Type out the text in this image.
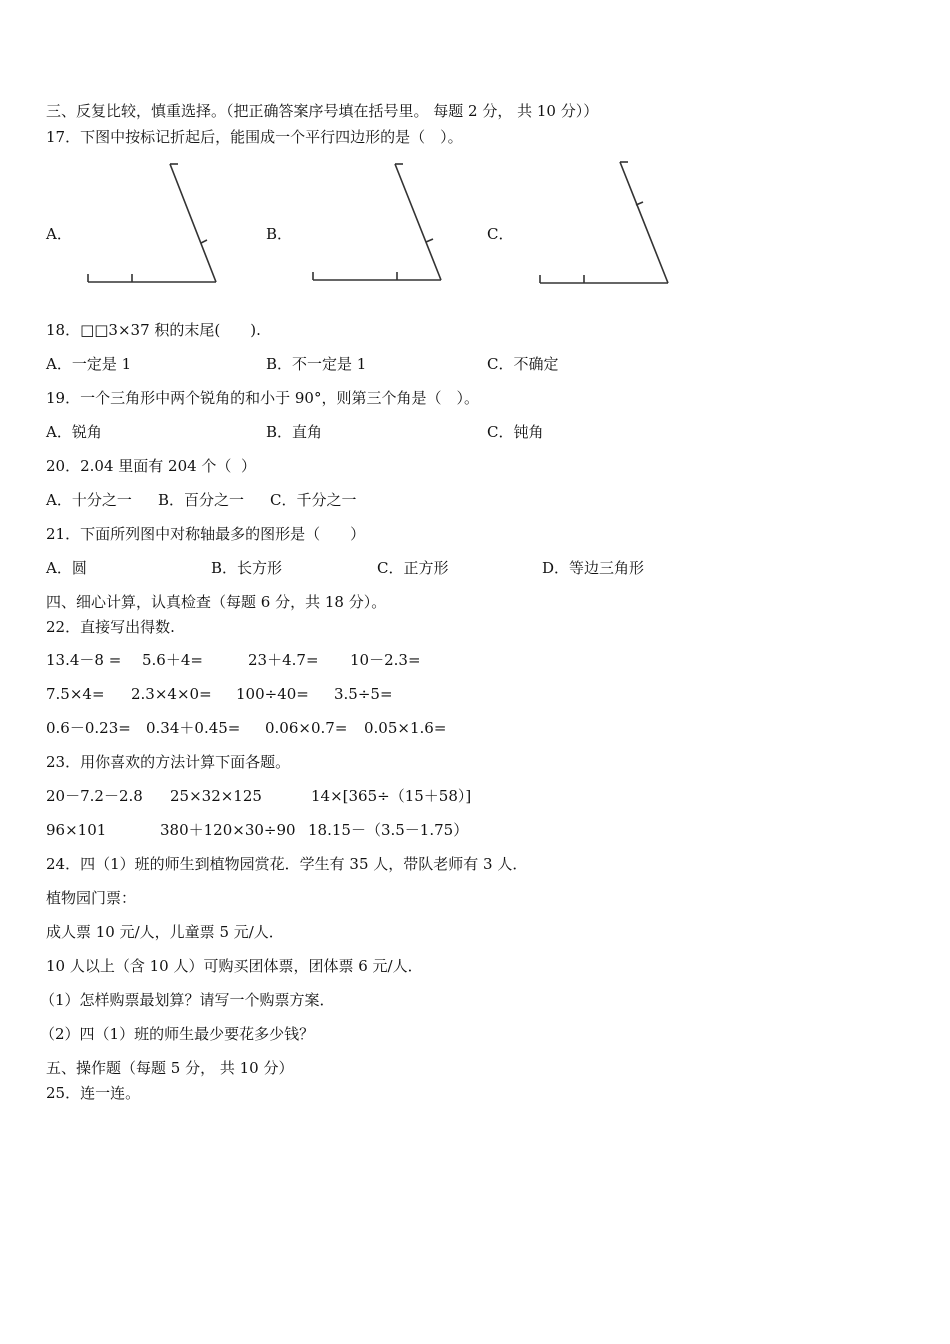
三、反复比较，慎重选择。（把正确答案序号填在括号里。 每题 2 分， 共 10 分））
17．下图中按标记折起后，能围成一个平行四边形的是（　）。
A．	B．	C．
18．□□3×37 积的末尾(　　).
A．一定是 1	B．不一定是 1	C．不确定
19．一个三角形中两个锐角的和小于 90°，则第三个角是（　）。
A．锐角	B．直角	C．钝角
20．2.04 里面有 204 个（  ）
A．十分之一 B．百分之一 C．千分之一
21．下面所列图中对称轴最多的图形是（　　）
A．圆	B．长方形	C．正方形	D．等边三角形
四、细心计算，认真检查（每题 6 分，共 18 分）。
22．直接写出得数.
13.4－8 = 5.6＋4=	23＋4.7= 10－2.3=
7.5×4= 2.3×4×0= 100÷40= 3.5÷5=
0.6－0.23= 0.34＋0.45= 0.06×0.7= 0.05×1.6=
23．用你喜欢的方法计算下面各题。
20－7.2－2.8 25×32×125	14×[365÷（15＋58）]
96×101	380＋120×30÷90 18.15－（3.5－1.75）
24．四（1）班的师生到植物园赏花．学生有 35 人，带队老师有 3 人．
植物园门票：
成人票 10 元/人，儿童票 5 元/人．
10 人以上（含 10 人）可购买团体票，团体票 6 元/人．
（1）怎样购票最划算？请写一个购票方案．
（2）四（1）班的师生最少要花多少钱？
五、操作题（每题 5 分， 共 10 分）
25．连一连。
